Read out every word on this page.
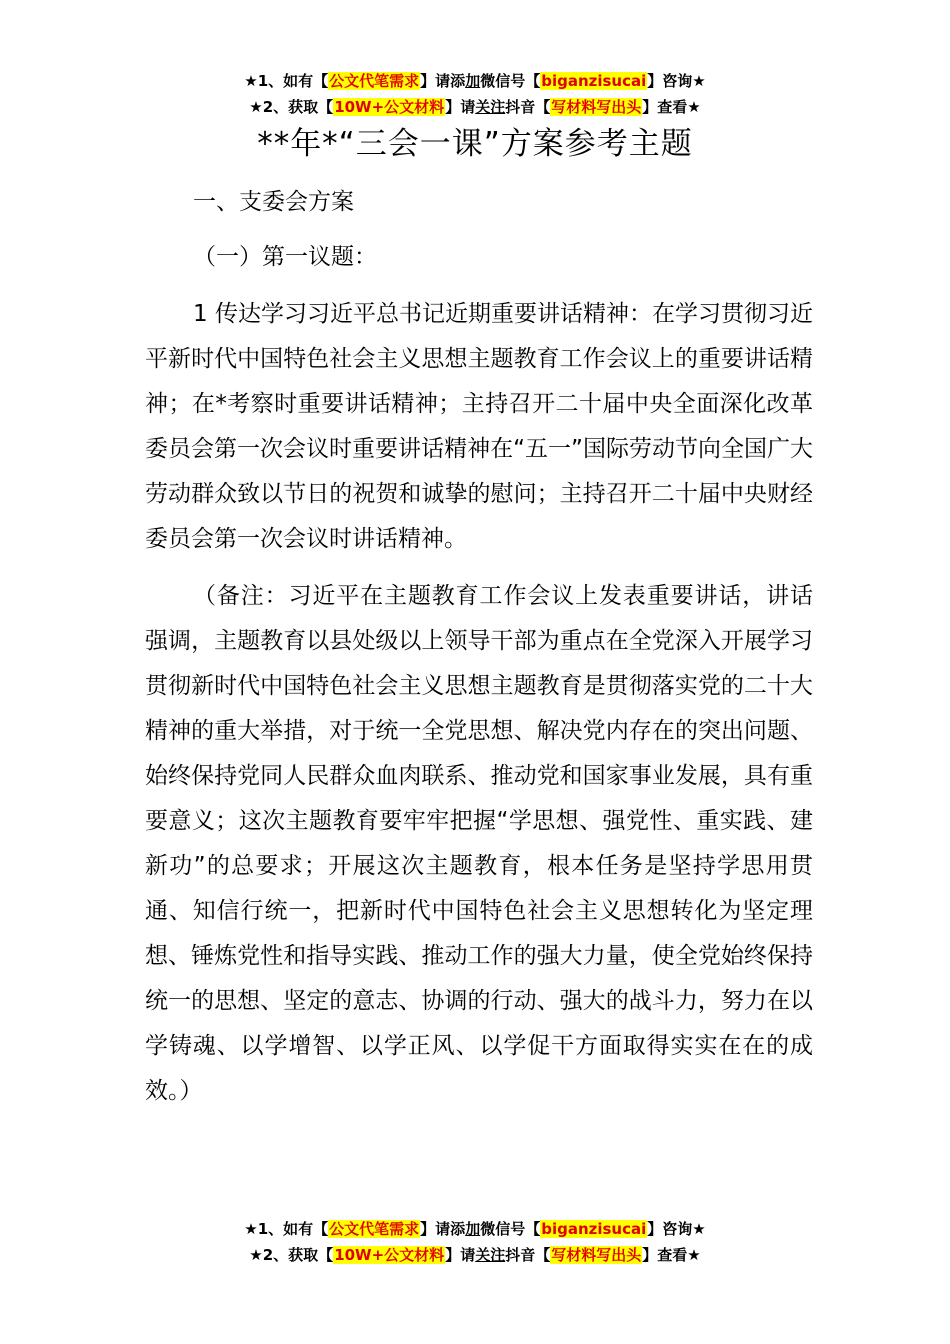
★1、如有【公文代笔需求】请添加微信号【biganzisucai】咨询★
★2、获取【10W+公文材料】请关注抖音【写材料写出头】查看★
**年*“三会一课”方案参考主题
一、支委会方案
（一）第一议题：

1 传达学习习近平总书记近期重要讲话精神：在学习贯彻习近平新时代中国特色社会主义思想主题教育工作会议上的重要讲话精神；在*考察时重要讲话精神；主持召开二十届中央全面深化改革委员会第一次会议时重要讲话精神在“五一”国际劳动节向全国广大劳动群众致以节日的祝贺和诚挚的慰问；主持召开二十届中央财经委员会第一次会议时讲话精神。

（备注：习近平在主题教育工作会议上发表重要讲话，讲话强调，主题教育以县处级以上领导干部为重点在全党深入开展学习贯彻新时代中国特色社会主义思想主题教育是贯彻落实党的二十大精神的重大举措，对于统一全党思想、解决党内存在的突出问题、始终保持党同人民群众血肉联系、推动党和国家事业发展，具有重要意义；这次主题教育要牢牢把握“学思想、强党性、重实践、建新功”的总要求；开展这次主题教育，根本任务是坚持学思用贯通、知信行统一，把新时代中国特色社会主义思想转化为坚定理想、锤炼党性和指导实践、推动工作的强大力量，使全党始终保持统一的思想、坚定的意志、协调的行动、强大的战斗力，努力在以学铸魂、以学增智、以学正风、以学促干方面取得实实在在的成效。）

★1、如有【公文代笔需求】请添加微信号【biganzisucai】咨询★
★2、获取【10W+公文材料】请关注抖音【写材料写出头】查看★
